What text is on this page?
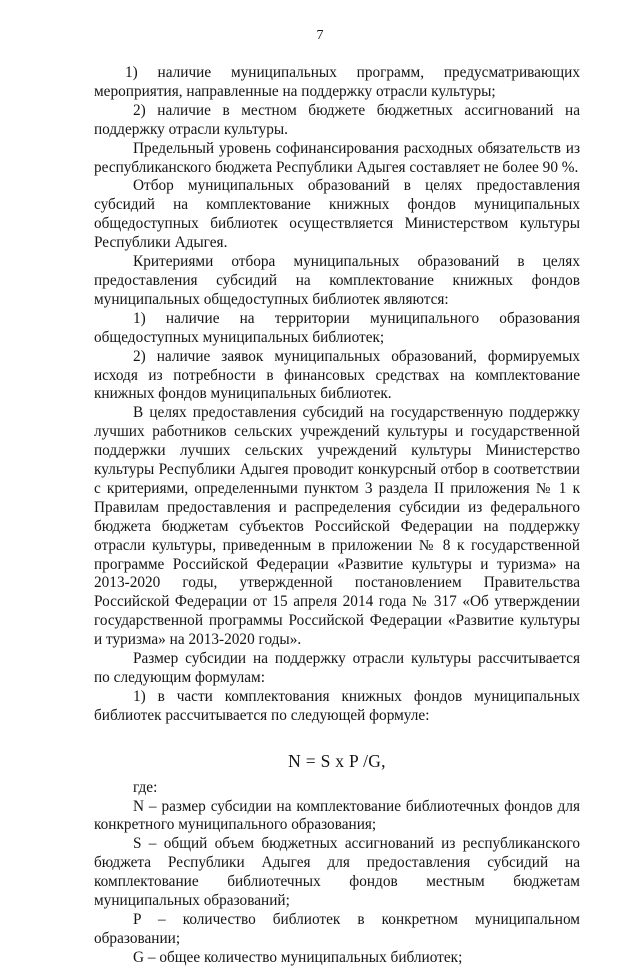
7

1) наличие муниципальных программ, предусматривающих мероприятия, направленные на поддержку отрасли культуры;

2) наличие в местном бюджете бюджетных ассигнований на поддержку отрасли культуры.

Предельный уровень софинансирования расходных обязательств из республиканского бюджета Республики Адыгея составляет не более 90 %.

Отбор муниципальных образований в целях предоставления субсидий на комплектование книжных фондов муниципальных общедоступных библиотек осуществляется Министерством культуры Республики Адыгея.

Критериями отбора муниципальных образований в целях предоставления субсидий на комплектование книжных фондов муниципальных общедоступных библиотек являются:

1) наличие на территории муниципального образования общедоступных муниципальных библиотек;

2) наличие заявок муниципальных образований, формируемых исходя из потребности в финансовых средствах на комплектование книжных фондов муниципальных библиотек.

В целях предоставления субсидий на государственную поддержку лучших работников сельских учреждений культуры и государственной поддержки лучших сельских учреждений культуры Министерство культуры Республики Адыгея проводит конкурсный отбор в соответствии с критериями, определенными пунктом 3 раздела II приложения № 1 к Правилам предоставления и распределения субсидии из федерального бюджета бюджетам субъектов Российской Федерации на поддержку отрасли культуры, приведенным в приложении № 8 к государственной программе Российской Федерации «Развитие культуры и туризма» на 2013-2020 годы, утвержденной постановлением Правительства Российской Федерации от 15 апреля 2014 года № 317 «Об утверждении государственной программы Российской Федерации «Развитие культуры и туризма» на 2013-2020 годы».

Размер субсидии на поддержку отрасли культуры рассчитывается по следующим формулам:

1) в части комплектования книжных фондов муниципальных библиотек рассчитывается по следующей формуле:

N = S x P /G,

где:

N – размер субсидии на комплектование библиотечных фондов для конкретного муниципального образования;

S – общий объем бюджетных ассигнований из республиканского бюджета Республики Адыгея для предоставления субсидий на комплектование библиотечных фондов местным бюджетам муниципальных образований;

P – количество библиотек в конкретном муниципальном образовании;

G – общее количество муниципальных библиотек;
